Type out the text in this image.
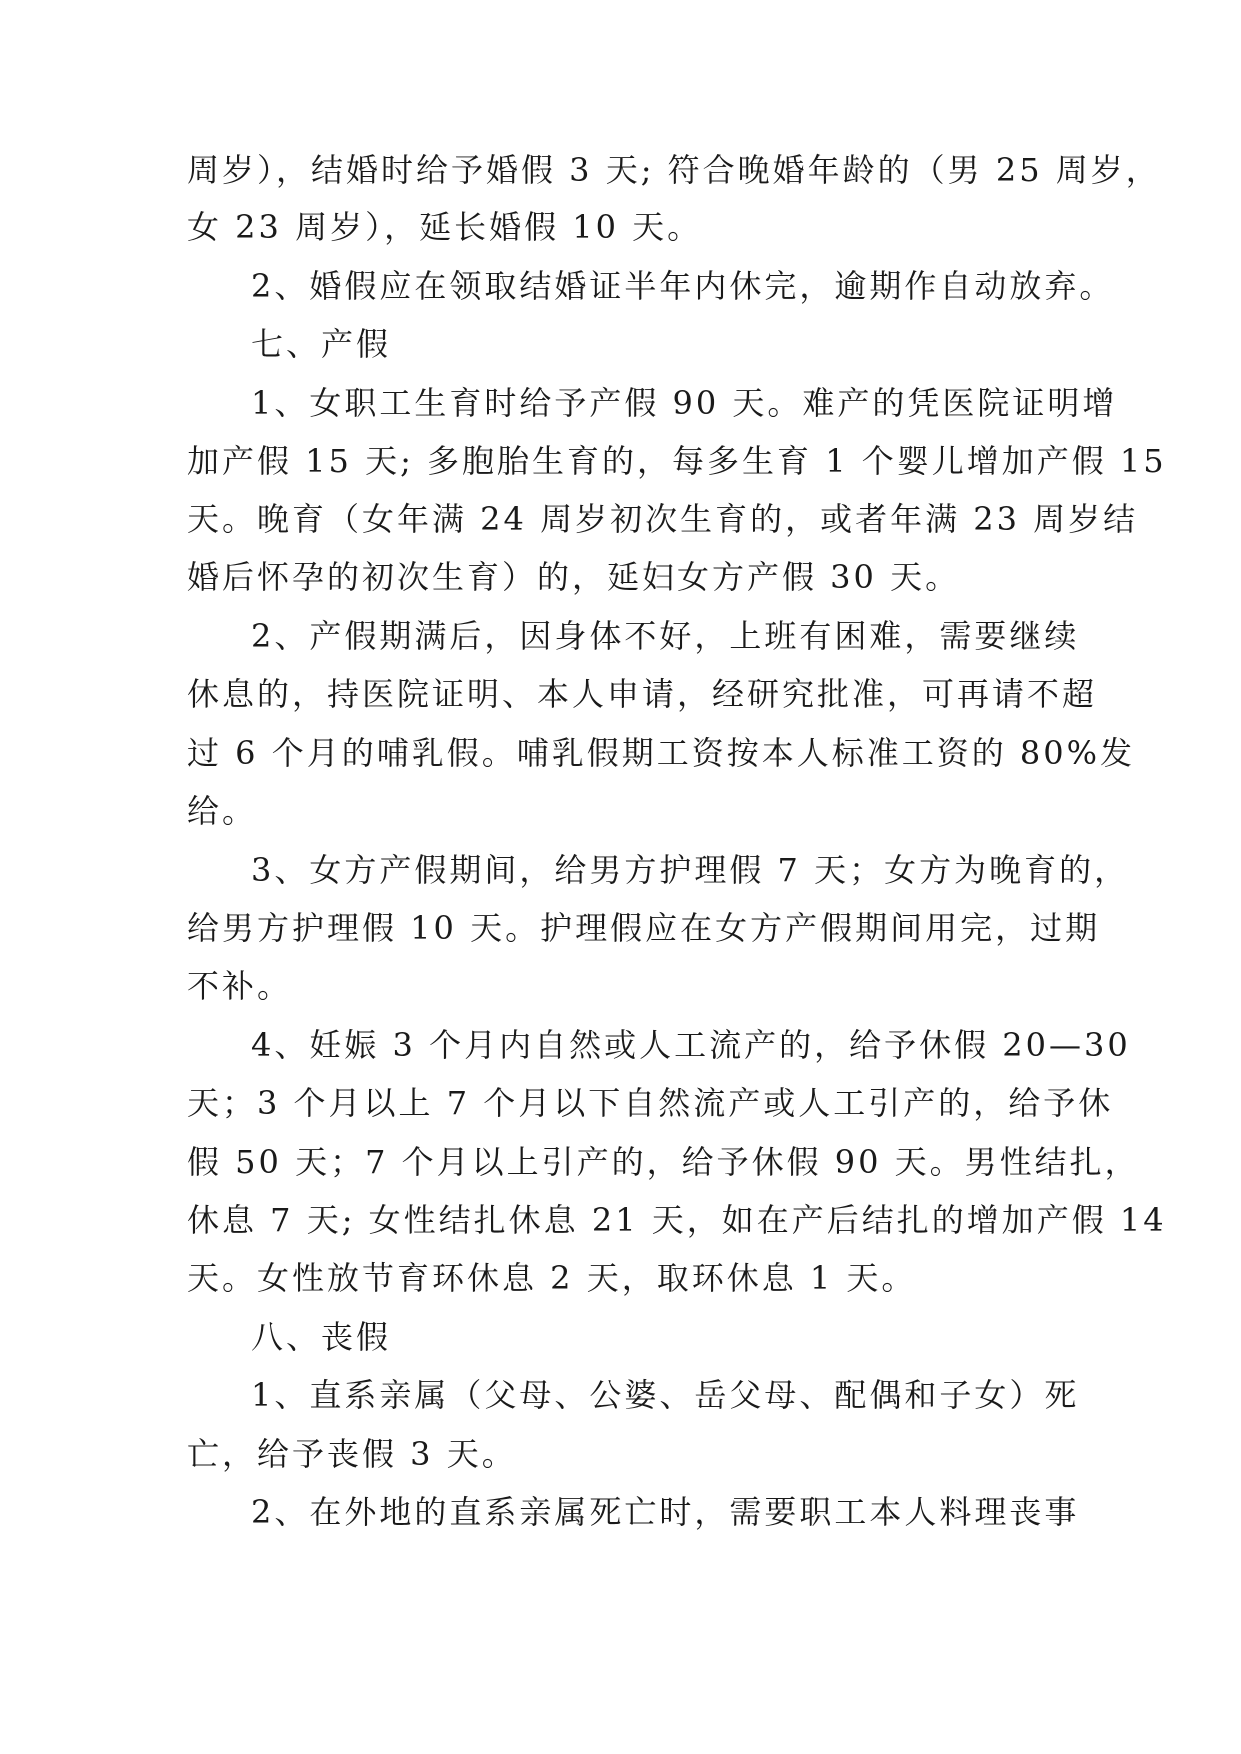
周岁），结婚时给予婚假 3 天; 符合晚婚年龄的（男 25 周岁，
女 23 周岁），延长婚假 10 天。
2、婚假应在领取结婚证半年内休完，逾期作自动放弃。
七、产假
1、女职工生育时给予产假 90 天。难产的凭医院证明增
加产假 15 天; 多胞胎生育的，每多生育 1 个婴儿增加产假 15
天。晚育（女年满 24 周岁初次生育的，或者年满 23 周岁结
婚后怀孕的初次生育）的，延妇女方产假 30 天。
2、产假期满后，因身体不好，上班有困难，需要继续
休息的，持医院证明、本人申请，经研究批准，可再请不超
过 6 个月的哺乳假。哺乳假期工资按本人标准工资的 80%发
给。
3、女方产假期间，给男方护理假 7 天；女方为晚育的，
给男方护理假 10 天。护理假应在女方产假期间用完，过期
不补。
4、妊娠 3 个月内自然或人工流产的，给予休假 20—30
天；3 个月以上 7 个月以下自然流产或人工引产的，给予休
假 50 天；7 个月以上引产的，给予休假 90 天。男性结扎，
休息 7 天; 女性结扎休息 21 天，如在产后结扎的增加产假 14
天。女性放节育环休息 2 天，取环休息 1 天。
八、丧假
1、直系亲属（父母、公婆、岳父母、配偶和子女）死
亡，给予丧假 3 天。
2、在外地的直系亲属死亡时，需要职工本人料理丧事
